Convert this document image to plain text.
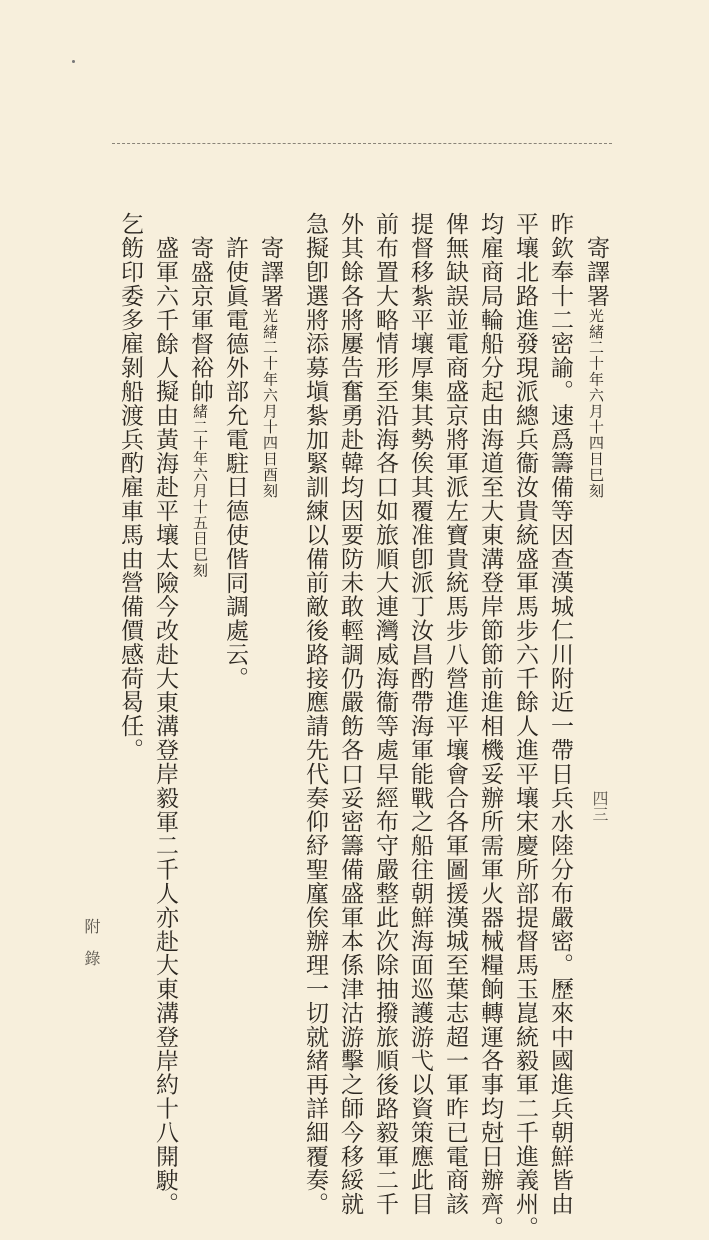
寄譯署光緒二十年六月十四日巳刻
昨欽奉十二密諭。速爲籌備等因查漢城仁川附近一帶日兵水陸分布嚴密。歷來中國進兵朝鮮皆由
平壤北路進發現派總兵衞汝貴統盛軍馬步六千餘人進平壤宋慶所部提督馬玉崑統毅軍二千進義州。
均雇商局輪船分起由海道至大東溝登岸節節前進相機妥辦所需軍火器械糧餉轉運各事均尅日辦齊。
俾無缺誤並電商盛京將軍派左寶貴統馬步八營進平壤會合各軍圖援漢城至葉志超一軍昨已電商該
提督移紮平壤厚集其勢俟其覆准卽派丁汝昌酌帶海軍能戰之船往朝鮮海面巡護游弋以資策應此目
前布置大略情形至沿海各口如旅順大連灣威海衞等處早經布守嚴整此次除抽撥旅順後路毅軍二千
外其餘各將屢告奮勇赴韓均因要防未敢輕調仍嚴飭各口妥密籌備盛軍本係津沽游擊之師今移綏就
急擬卽選將添募塡紮加緊訓練以備前敵後路接應請先代奏仰紓聖廑俟辦理一切就緒再詳細覆奏。
寄譯署光緒二十年六月十四日酉刻
許使眞電德外部允電駐日德使偕同調處云。
寄盛京軍督裕帥緒二十年六月十五日巳刻
盛軍六千餘人擬由黃海赴平壤太險今改赴大東溝登岸毅軍二千人亦赴大東溝登岸約十八開駛。
乞飭印委多雇剝船渡兵酌雇車馬由營備價感荷曷任。
附　錄
四三
